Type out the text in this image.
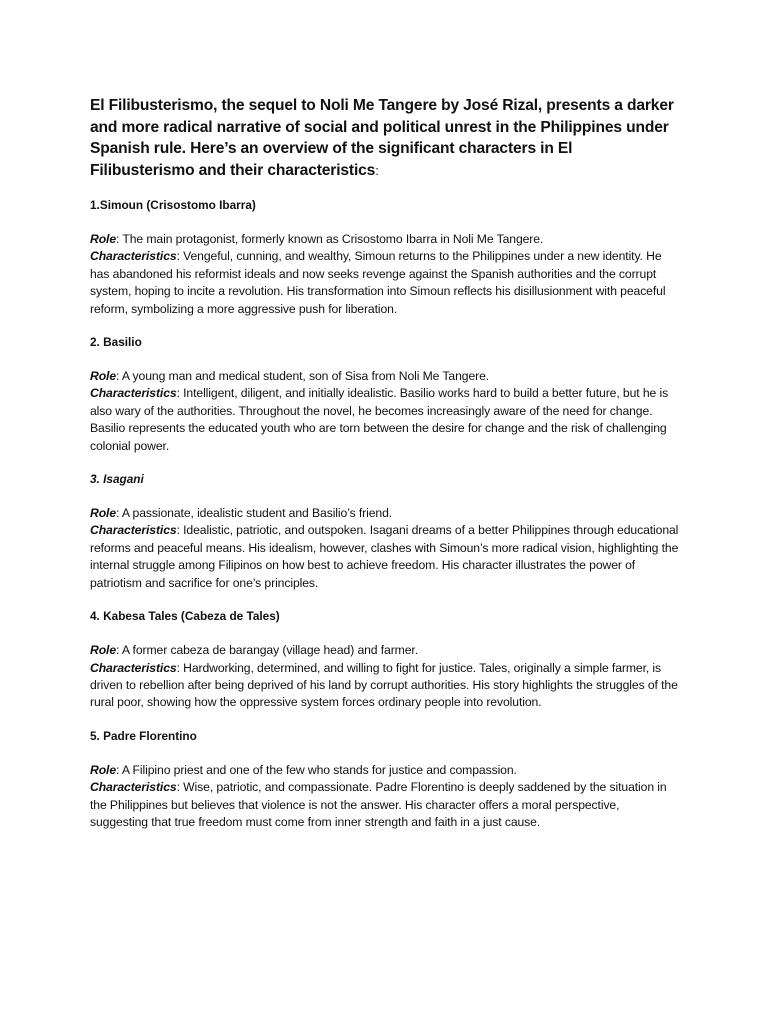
El Filibusterismo, the sequel to Noli Me Tangere by José Rizal, presents a darker and more radical narrative of social and political unrest in the Philippines under Spanish rule. Here’s an overview of the significant characters in El Filibusterismo and their characteristics:

1.Simoun (Crisostomo Ibarra)

Role: The main protagonist, formerly known as Crisostomo Ibarra in Noli Me Tangere.

Characteristics: Vengeful, cunning, and wealthy, Simoun returns to the Philippines under a new identity. He has abandoned his reformist ideals and now seeks revenge against the Spanish authorities and the corrupt system, hoping to incite a revolution. His transformation into Simoun reflects his disillusionment with peaceful reform, symbolizing a more aggressive push for liberation.

2. Basilio

Role: A young man and medical student, son of Sisa from Noli Me Tangere.

Characteristics: Intelligent, diligent, and initially idealistic. Basilio works hard to build a better future, but he is also wary of the authorities. Throughout the novel, he becomes increasingly aware of the need for change. Basilio represents the educated youth who are torn between the desire for change and the risk of challenging colonial power.

3. Isagani

Role: A passionate, idealistic student and Basilio’s friend.

Characteristics: Idealistic, patriotic, and outspoken. Isagani dreams of a better Philippines through educational reforms and peaceful means. His idealism, however, clashes with Simoun’s more radical vision, highlighting the internal struggle among Filipinos on how best to achieve freedom. His character illustrates the power of patriotism and sacrifice for one’s principles.

4. Kabesa Tales (Cabeza de Tales)

Role: A former cabeza de barangay (village head) and farmer.

Characteristics: Hardworking, determined, and willing to fight for justice. Tales, originally a simple farmer, is driven to rebellion after being deprived of his land by corrupt authorities. His story highlights the struggles of the rural poor, showing how the oppressive system forces ordinary people into revolution.

5. Padre Florentino

Role: A Filipino priest and one of the few who stands for justice and compassion.

Characteristics: Wise, patriotic, and compassionate. Padre Florentino is deeply saddened by the situation in the Philippines but believes that violence is not the answer. His character offers a moral perspective, suggesting that true freedom must come from inner strength and faith in a just cause.
